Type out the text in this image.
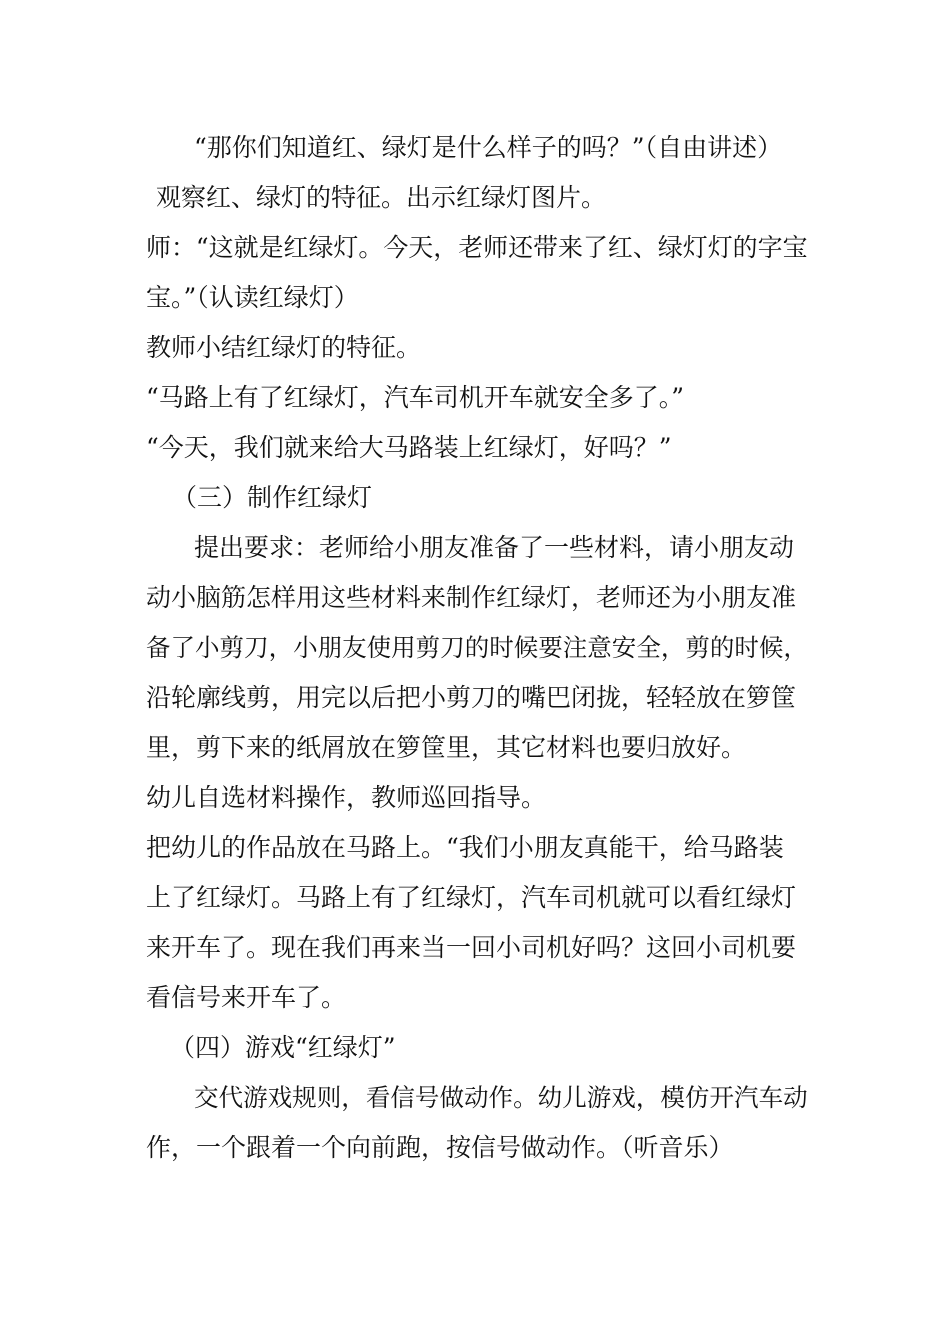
“那你们知道红、绿灯是什么样子的吗？”（自由讲述）
观察红、绿灯的特征。出示红绿灯图片。
师：“这就是红绿灯。今天，老师还带来了红、绿灯灯的字宝
宝。”（认读红绿灯）
教师小结红绿灯的特征。
“马路上有了红绿灯，汽车司机开车就安全多了。”
“今天，我们就来给大马路装上红绿灯，好吗？”
（三）制作红绿灯
提出要求：老师给小朋友准备了一些材料，请小朋友动
动小脑筋怎样用这些材料来制作红绿灯，老师还为小朋友准
备了小剪刀，小朋友使用剪刀的时候要注意安全，剪的时候，
沿轮廓线剪，用完以后把小剪刀的嘴巴闭拢，轻轻放在箩筐
里，剪下来的纸屑放在箩筐里，其它材料也要归放好。
幼儿自选材料操作，教师巡回指导。
把幼儿的作品放在马路上。“我们小朋友真能干，给马路装
上了红绿灯。马路上有了红绿灯，汽车司机就可以看红绿灯
来开车了。现在我们再来当一回小司机好吗？这回小司机要
看信号来开车了。
（四）游戏“红绿灯”
交代游戏规则，看信号做动作。幼儿游戏，模仿开汽车动
作，一个跟着一个向前跑，按信号做动作。（听音乐）
